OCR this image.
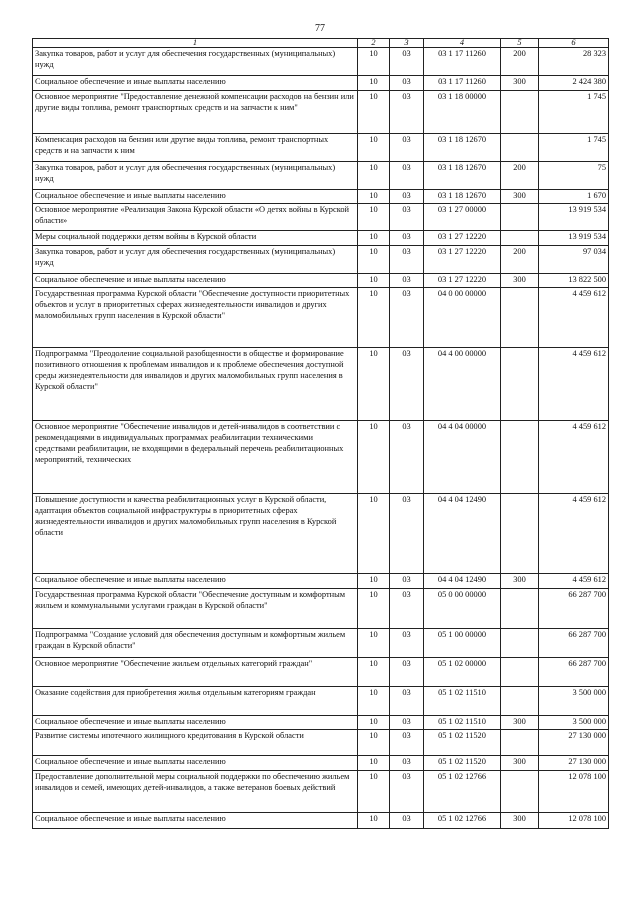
77
1	2	3	4	5	6
Закупка товаров, работ и услуг для обеспечения государственных (муниципальных) нужд	10	03	03 1 17 11260	200	28 323
Социальное обеспечение и иные выплаты населению	10	03	03 1 17 11260	300	2 424 380
Основное мероприятие "Предоставление денежной компенсации расходов на бензин или другие виды топлива, ремонт транспортных средств и на запчасти к ним"	10	03	03 1 18 00000		1 745
Компенсация расходов на бензин или другие виды топлива, ремонт транспортных средств и на запчасти к ним	10	03	03 1 18 12670		1 745
Закупка товаров, работ и услуг для обеспечения государственных (муниципальных) нужд	10	03	03 1 18 12670	200	75
Социальное обеспечение и иные выплаты населению	10	03	03 1 18 12670	300	1 670
Основное мероприятие «Реализация Закона Курской области «О детях войны в Курской области»	10	03	03 1 27 00000		13 919 534
Меры социальной поддержки детям войны в Курской области	10	03	03 1 27 12220		13 919 534
Закупка товаров, работ и услуг для обеспечения государственных (муниципальных) нужд	10	03	03 1 27 12220	200	97 034
Социальное обеспечение и иные выплаты населению	10	03	03 1 27 12220	300	13 822 500
Государственная программа Курской области "Обеспечение доступности приоритетных объектов и услуг в приоритетных сферах жизнедеятельности инвалидов и других маломобильных групп населения в Курской области"	10	03	04 0 00 00000		4 459 612
Подпрограмма "Преодоление социальной разобщенности в обществе и формирование позитивного отношения к проблемам инвалидов и к проблеме обеспечения доступной среды жизнедеятельности для инвалидов и других маломобильных групп населения в Курской области"	10	03	04 4 00 00000		4 459 612
Основное мероприятие "Обеспечение инвалидов и детей-инвалидов в соответствии с рекомендациями в индивидуальных программах реабилитации техническими средствами реабилитации, не входящими в федеральный перечень реабилитационных мероприятий, технических	10	03	04 4 04 00000		4 459 612
Повышение доступности и качества реабилитационных услуг в Курской области, адаптация объектов социальной инфраструктуры в приоритетных сферах жизнедеятельности инвалидов и других маломобильных групп населения в Курской области	10	03	04 4 04 12490		4 459 612
Социальное обеспечение и иные выплаты населению	10	03	04 4 04 12490	300	4 459 612
Государственная программа Курской области "Обеспечение доступным и комфортным жильем и коммунальными услугами граждан в Курской области"	10	03	05 0 00 00000		66 287 700
Подпрограмма "Создание условий для обеспечения доступным и комфортным жильем граждан в Курской области"	10	03	05 1 00 00000		66 287 700
Основное мероприятие "Обеспечение жильем отдельных категорий граждан"	10	03	05 1 02 00000		66 287 700
Оказание содействия для приобретения жилья отдельным категориям граждан	10	03	05 1 02 11510		3 500 000
Социальное обеспечение и иные выплаты населению	10	03	05 1 02 11510	300	3 500 000
Развитие системы ипотечного жилищного кредитования в Курской области	10	03	05 1 02 11520		27 130 000
Социальное обеспечение и иные выплаты населению	10	03	05 1 02 11520	300	27 130 000
Предоставление дополнительной меры социальной поддержки по обеспечению жильем инвалидов и семей, имеющих детей-инвалидов, а также ветеранов боевых действий	10	03	05 1 02 12766		12 078 100
Социальное обеспечение и иные выплаты населению	10	03	05 1 02 12766	300	12 078 100
